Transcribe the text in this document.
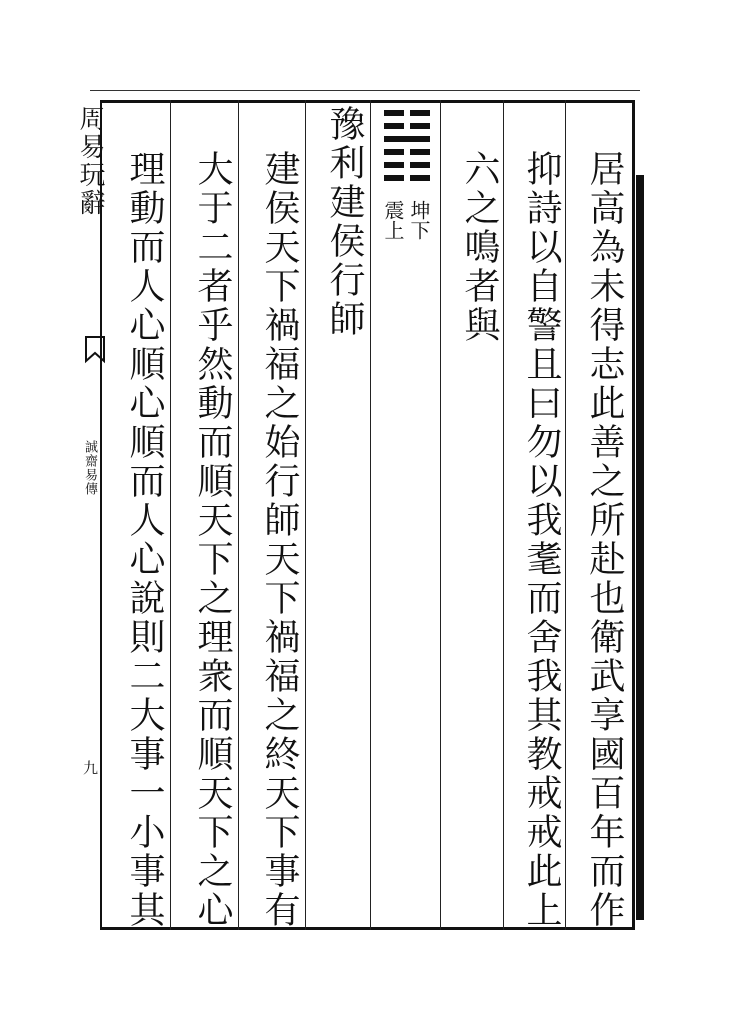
周易玩辭
誠齋易傳
九	居高為未得志此善之所赴也衛武享國百年而作
抑詩以自警且曰勿以我耄而舍我其教戒戒此上
六之鳴者與
坤下
震上
豫利建侯行師
建侯天下禍福之始行師天下禍福之終天下事有
大于二者乎然動而順天下之理衆而順天下之心
理動而人心順心順而人心說則二大事一小事其
